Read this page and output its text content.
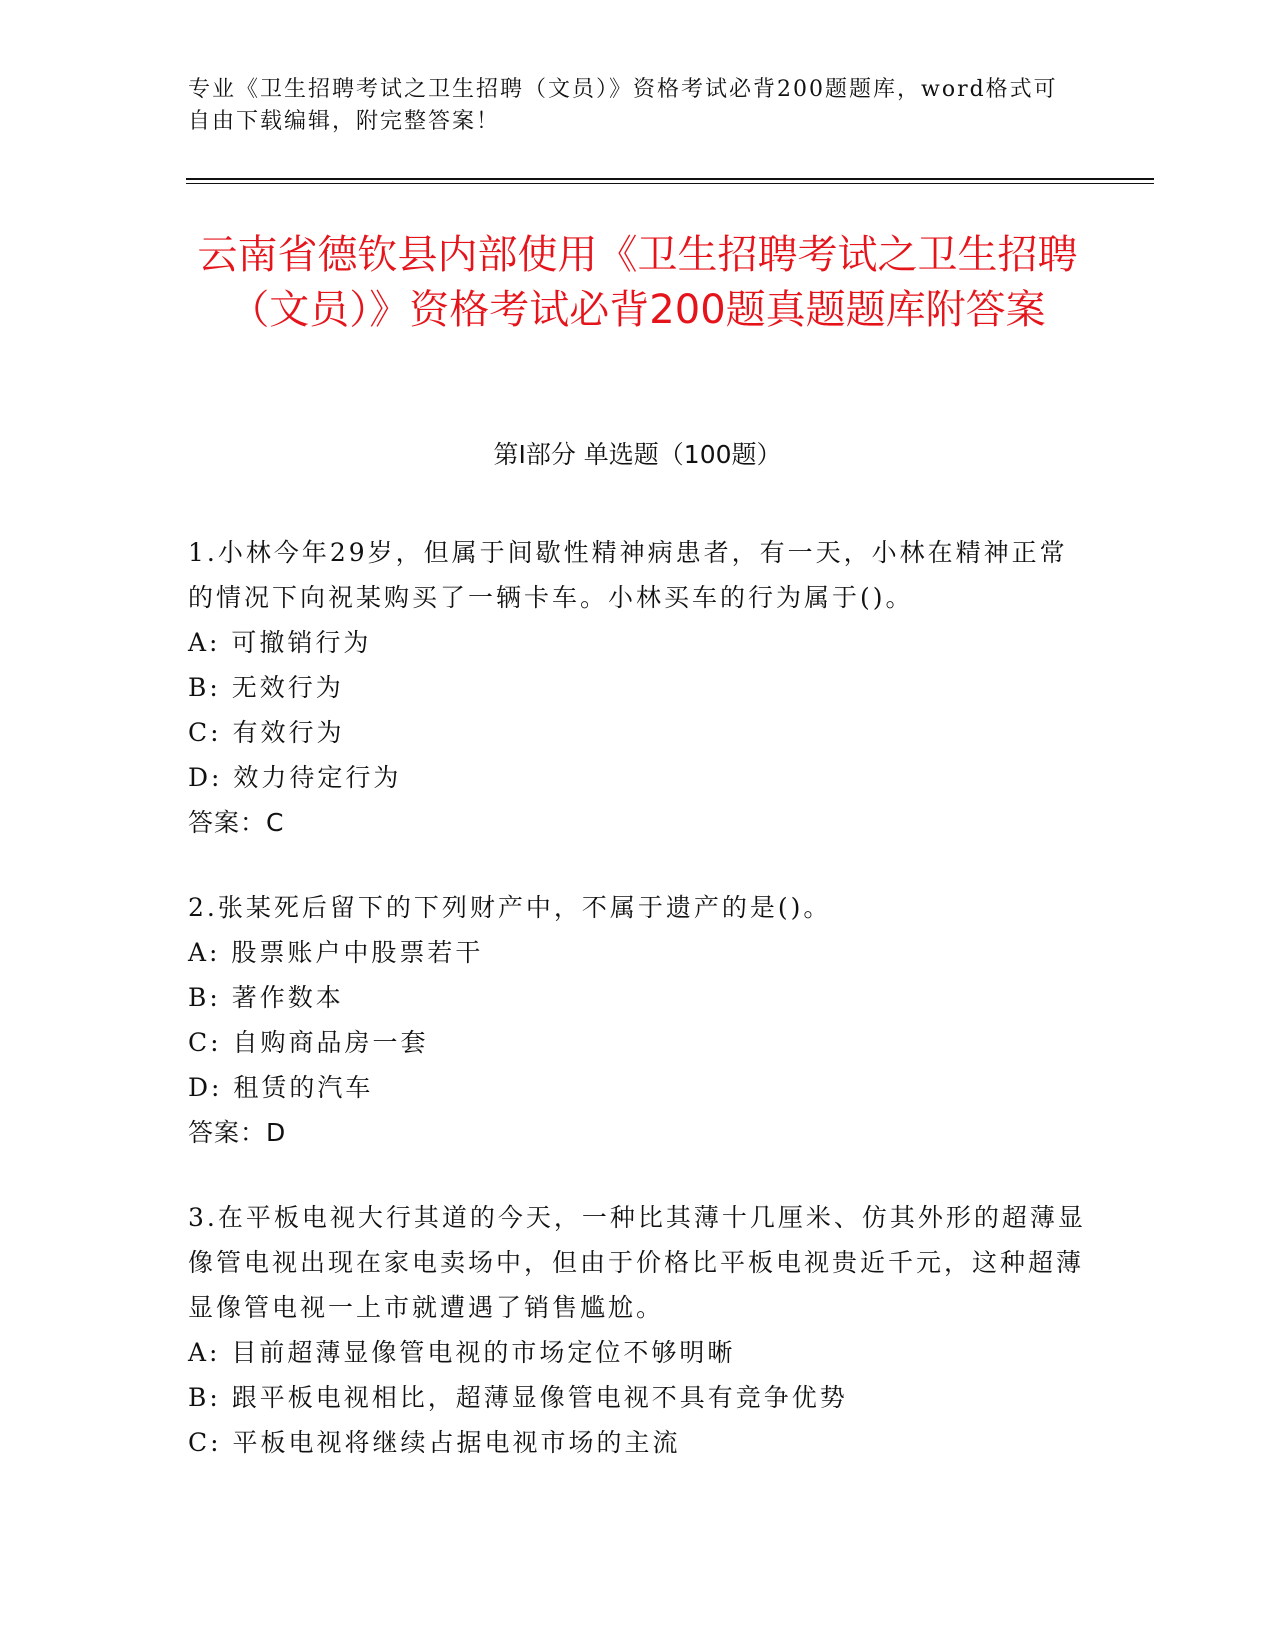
专业《卫生招聘考试之卫生招聘（文员）》资格考试必背200题题库，word格式可自由下载编辑，附完整答案！
云南省德钦县内部使用《卫生招聘考试之卫生招聘（文员）》资格考试必背200题真题题库附答案
第I部分 单选题（100题）
1.小林今年29岁，但属于间歇性精神病患者，有一天，小林在精神正常的情况下向祝某购买了一辆卡车。小林买车的行为属于()。
A: 可撤销行为
B: 无效行为
C: 有效行为
D: 效力待定行为
答案：C
2.张某死后留下的下列财产中，不属于遗产的是()。
A: 股票账户中股票若干
B: 著作数本
C: 自购商品房一套
D: 租赁的汽车
答案：D
3.在平板电视大行其道的今天，一种比其薄十几厘米、仿其外形的超薄显像管电视出现在家电卖场中，但由于价格比平板电视贵近千元，这种超薄显像管电视一上市就遭遇了销售尴尬。
A: 目前超薄显像管电视的市场定位不够明晰
B: 跟平板电视相比，超薄显像管电视不具有竞争优势
C: 平板电视将继续占据电视市场的主流
